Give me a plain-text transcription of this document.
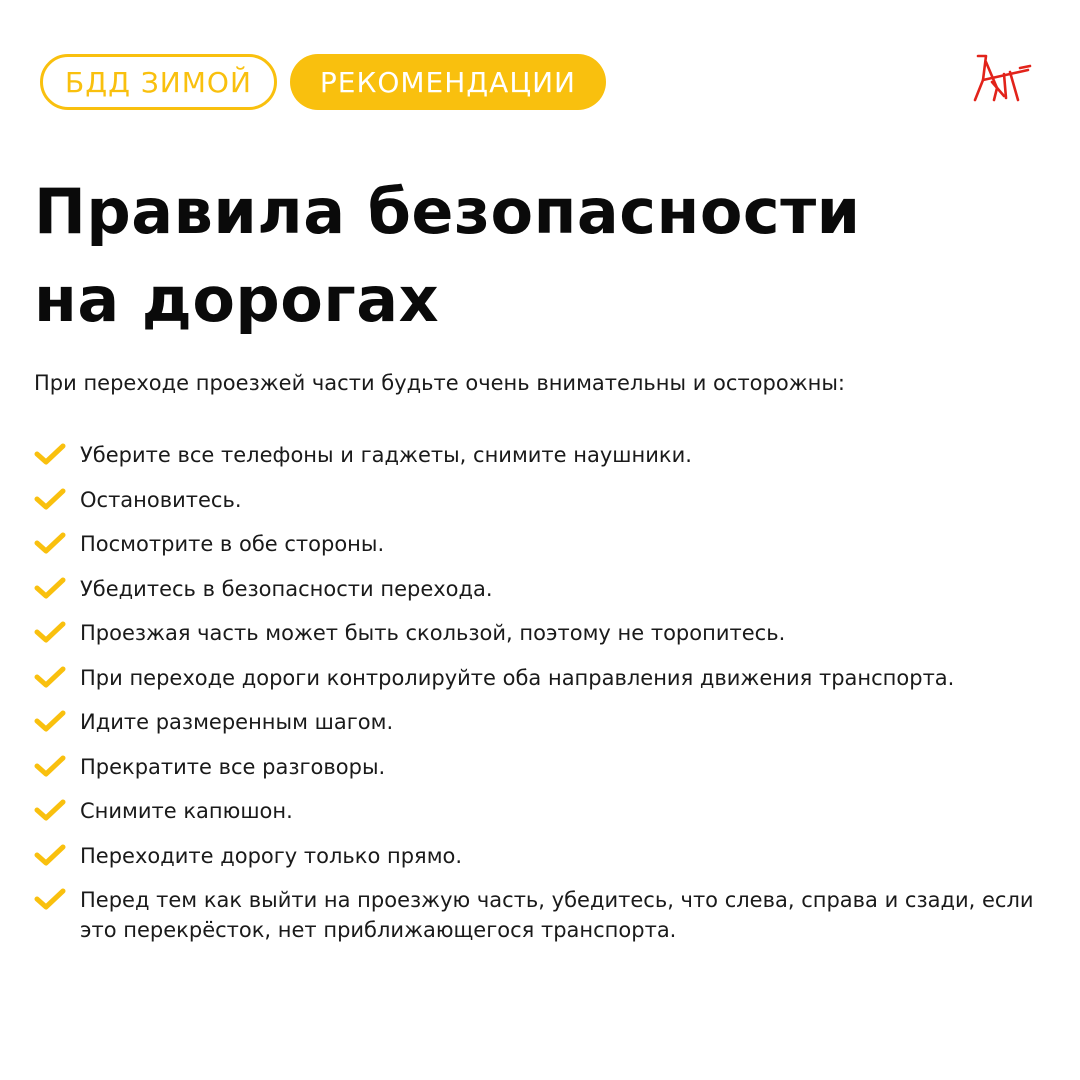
БДД ЗИМОЙ	РЕКОМЕНДАЦИИ
Правила безопасности
на дорогах

При переходе проезжей части будьте очень внимательны и осторожны:

Уберите все телефоны и гаджеты, снимите наушники.
Остановитесь.
Посмотрите в обе стороны.
Убедитесь в безопасности перехода.
Проезжая часть может быть скользой, поэтому не торопитесь.
При переходе дороги контролируйте оба направления движения транспорта.
Идите размеренным шагом.
Прекратите все разговоры.
Снимите капюшон.
Переходите дорогу только прямо.
Перед тем как выйти на проезжую часть, убедитесь, что слева, справа и сзади, если это перекрёсток, нет приближающегося транспорта.
